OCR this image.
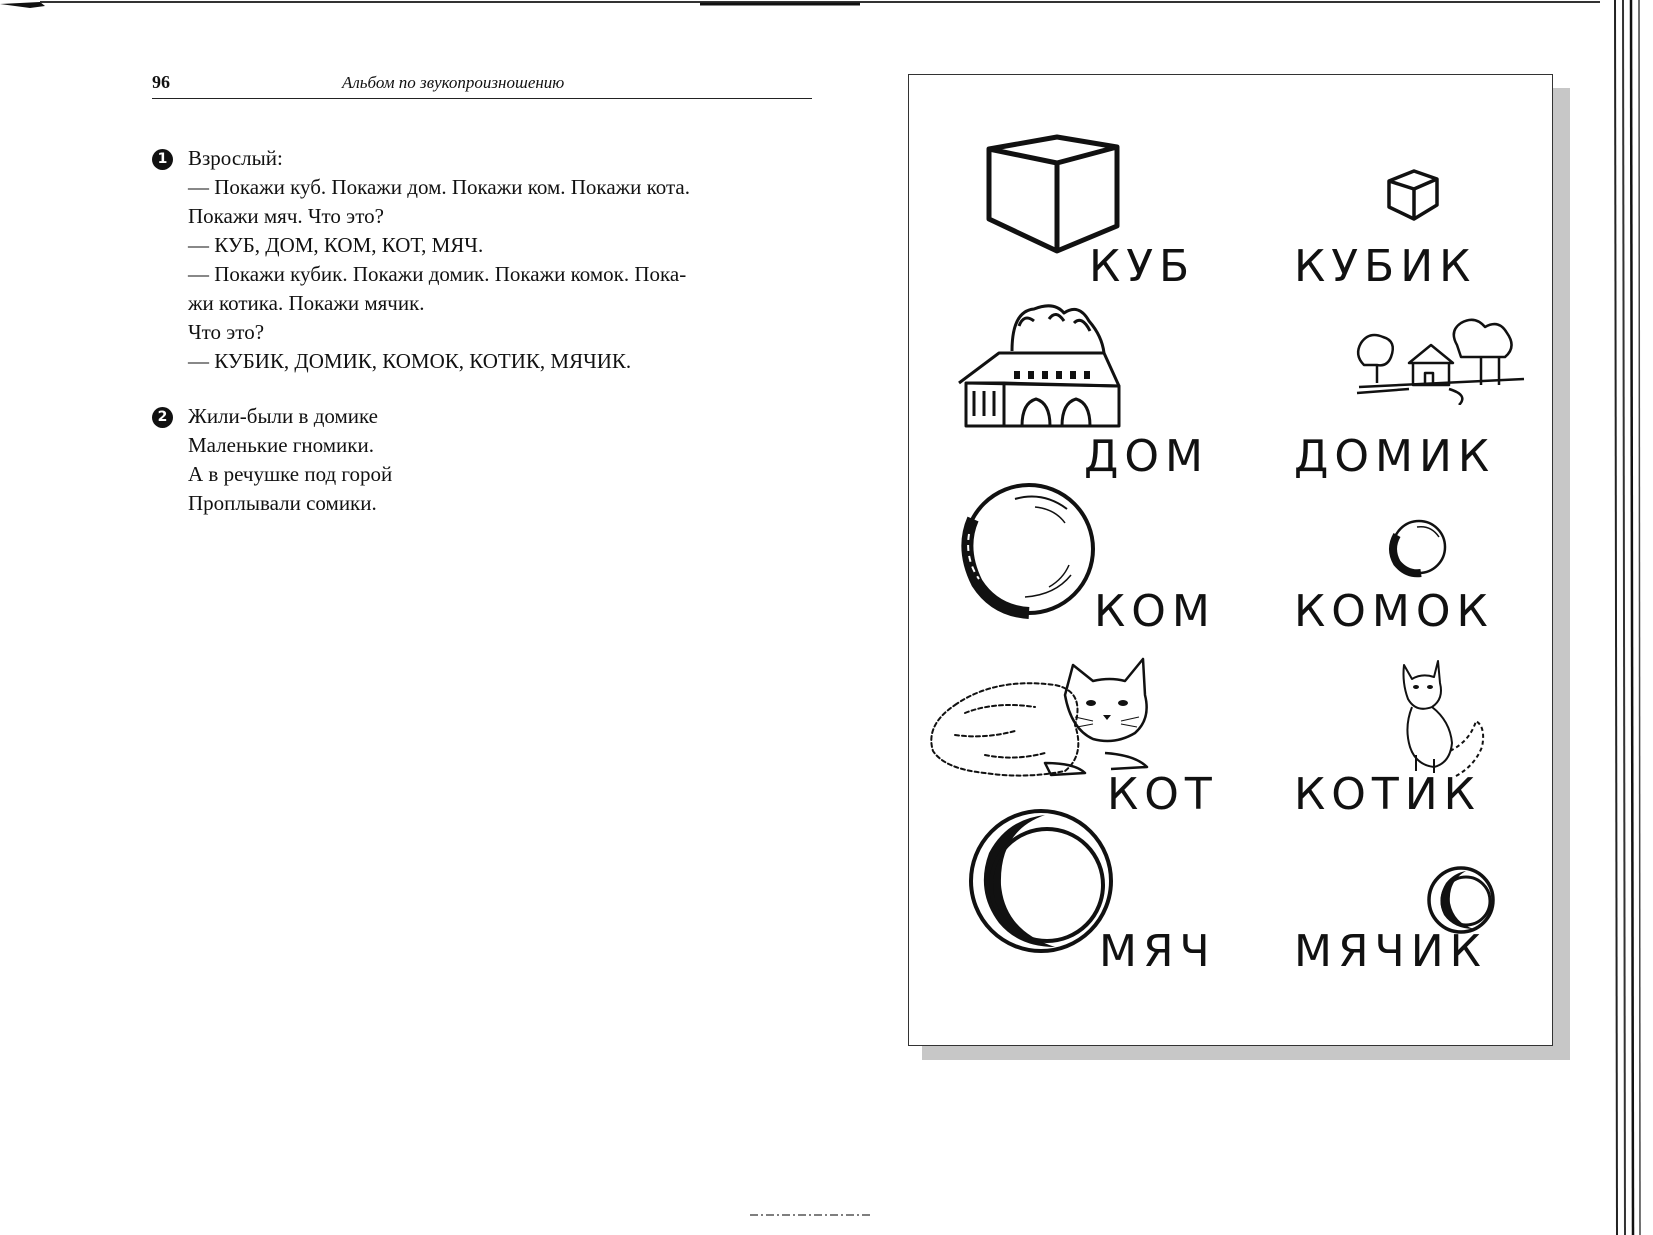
96	Альбом по звукопроизношению
1 Взрослый:
— Покажи куб. Покажи дом. Покажи ком. Покажи кота.
Покажи мяч. Что это?
— КУБ, ДОМ, КОМ, КОТ, МЯЧ.
— Покажи кубик. Покажи домик. Покажи комок. Пока-
жи котика. Покажи мячик.
Что это?
— КУБИК, ДОМИК, КОМОК, КОТИК, МЯЧИК.
2 Жили-были в домике
Маленькие гномики.
А в речушке под горой
Проплывали сомики.
КУБ КУБИК
ДОМ ДОМИК
КОМ КОМОК
КОТ КОТИК
МЯЧ МЯЧИК
